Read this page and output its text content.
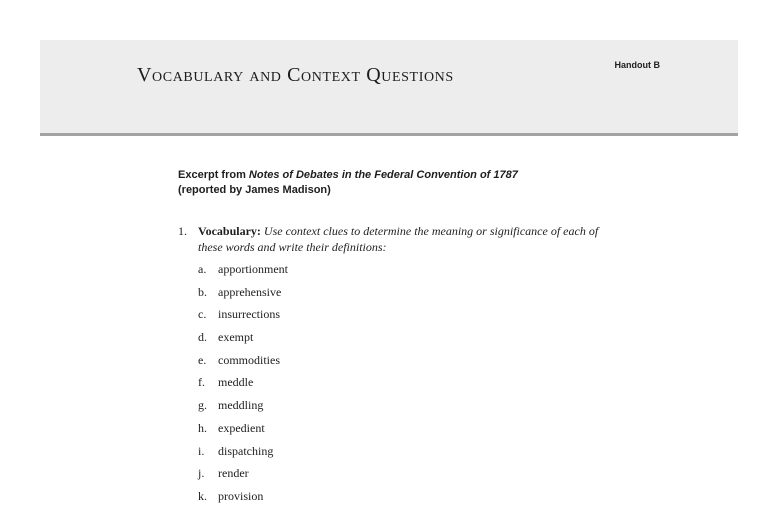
Handout B
Vocabulary and Context Questions
Excerpt from Notes of Debates in the Federal Convention of 1787
(reported by James Madison)
1. Vocabulary: Use context clues to determine the meaning or significance of each of these words and write their definitions:
a. apportionment
b. apprehensive
c. insurrections
d. exempt
e. commodities
f. meddle
g. meddling
h. expedient
i. dispatching
j. render
k. provision
